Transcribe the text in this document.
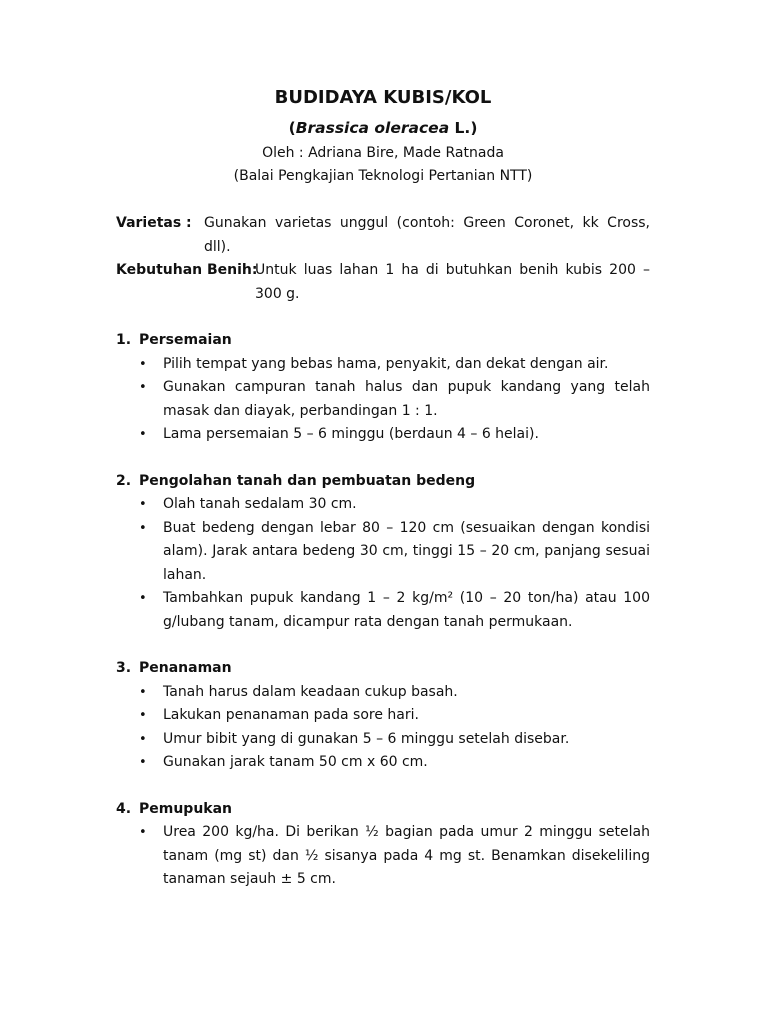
BUDIDAYA KUBIS/KOL
(Brassica oleracea L.)
Oleh : Adriana Bire, Made Ratnada
(Balai Pengkajian Teknologi Pertanian NTT)
Varietas : Gunakan varietas unggul (contoh: Green Coronet, kk Cross, dll).
Kebutuhan Benih:
Untuk luas lahan 1 ha di butuhkan benih kubis 200 – 300 g.
1. Persemaian
•	Pilih tempat yang bebas hama, penyakit, dan dekat dengan air.
•	Gunakan campuran tanah halus dan pupuk kandang yang telah masak dan diayak, perbandingan 1 : 1.
•	Lama persemaian 5 – 6 minggu (berdaun 4 – 6 helai).
2. Pengolahan tanah dan pembuatan bedeng
•	Olah tanah sedalam 30 cm.
•	Buat bedeng dengan lebar 80 – 120 cm (sesuaikan dengan kondisi alam). Jarak antara bedeng 30 cm, tinggi 15 – 20 cm, panjang sesuai lahan.
•	Tambahkan pupuk kandang 1 – 2 kg/m² (10 – 20 ton/ha) atau 100 g/lubang tanam, dicampur rata dengan tanah permukaan.
3. Penanaman
•	Tanah harus dalam keadaan cukup basah.
•	Lakukan penanaman pada sore hari.
•	Umur bibit yang di gunakan 5 – 6 minggu setelah disebar.
•	Gunakan jarak tanam 50 cm x 60 cm.
4. Pemupukan
•	Urea 200 kg/ha. Di berikan ½ bagian pada umur 2 minggu setelah tanam (mg st) dan ½ sisanya pada 4 mg st. Benamkan disekeliling tanaman sejauh ± 5 cm.
